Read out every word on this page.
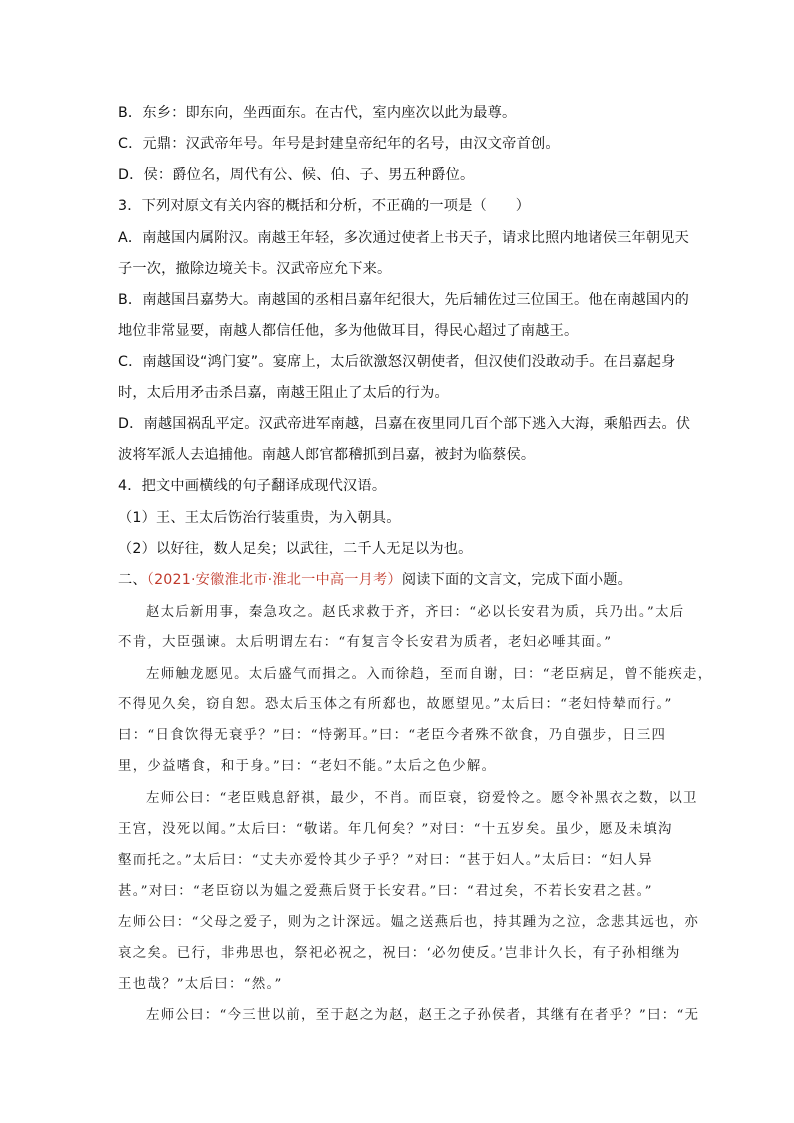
B．东乡：即东向，坐西面东。在古代，室内座次以此为最尊。
C．元鼎：汉武帝年号。年号是封建皇帝纪年的名号，由汉文帝首创。
D．侯：爵位名，周代有公、候、伯、子、男五种爵位。
3．下列对原文有关内容的概括和分析，不正确的一项是（　　）
A．南越国内属附汉。南越王年轻，多次通过使者上书天子，请求比照内地诸侯三年朝见天
子一次，撤除边境关卡。汉武帝应允下来。
B．南越国吕嘉势大。南越国的丞相吕嘉年纪很大，先后辅佐过三位国王。他在南越国内的
地位非常显要，南越人都信任他，多为他做耳目，得民心超过了南越王。
C．南越国设“鸿门宴”。宴席上，太后欲激怒汉朝使者，但汉使们没敢动手。在吕嘉起身
时，太后用矛击杀吕嘉，南越王阻止了太后的行为。
D．南越国祸乱平定。汉武帝进军南越，吕嘉在夜里同几百个部下逃入大海，乘船西去。伏
波将军派人去追捕他。南越人郎官都稽抓到吕嘉，被封为临蔡侯。
4．把文中画横线的句子翻译成现代汉语。
（1）王、王太后饬治行装重贵，为入朝具。
（2）以好往，数人足矣；以武往，二千人无足以为也。
二、（2021·安徽淮北市·淮北一中高一月考）阅读下面的文言文，完成下面小题。
赵太后新用事，秦急攻之。赵氏求救于齐，齐曰：“必以长安君为质，兵乃出。”太后
不肯，大臣强谏。太后明谓左右：“有复言令长安君为质者，老妇必唾其面。”
左师触龙愿见。太后盛气而揖之。入而徐趋，至而自谢，曰：“老臣病足，曾不能疾走，
不得见久矣，窃自恕。恐太后玉体之有所郄也，故愿望见。”太后曰：“老妇恃辇而行。”
曰：“日食饮得无衰乎？”曰：“恃粥耳。”曰：“老臣今者殊不欲食，乃自强步，日三四
里，少益嗜食，和于身。”曰：“老妇不能。”太后之色少解。
左师公曰：“老臣贱息舒祺，最少，不肖。而臣衰，窃爱怜之。愿令补黑衣之数，以卫
王宫，没死以闻。”太后曰：“敬诺。年几何矣？”对曰：“十五岁矣。虽少，愿及未填沟
壑而托之。”太后曰：“丈夫亦爱怜其少子乎？”对曰：“甚于妇人。”太后曰：“妇人异
甚。”对曰：“老臣窃以为媪之爱燕后贤于长安君。”曰：“君过矣，不若长安君之甚。”
左师公曰：“父母之爱子，则为之计深远。媪之送燕后也，持其踵为之泣，念悲其远也，亦
哀之矣。已行，非弗思也，祭祀必祝之，祝曰：‘必勿使反。’岂非计久长，有子孙相继为
王也哉？”太后曰：“然。”
左师公曰：“今三世以前，至于赵之为赵，赵王之子孙侯者，其继有在者乎？”曰：“无
